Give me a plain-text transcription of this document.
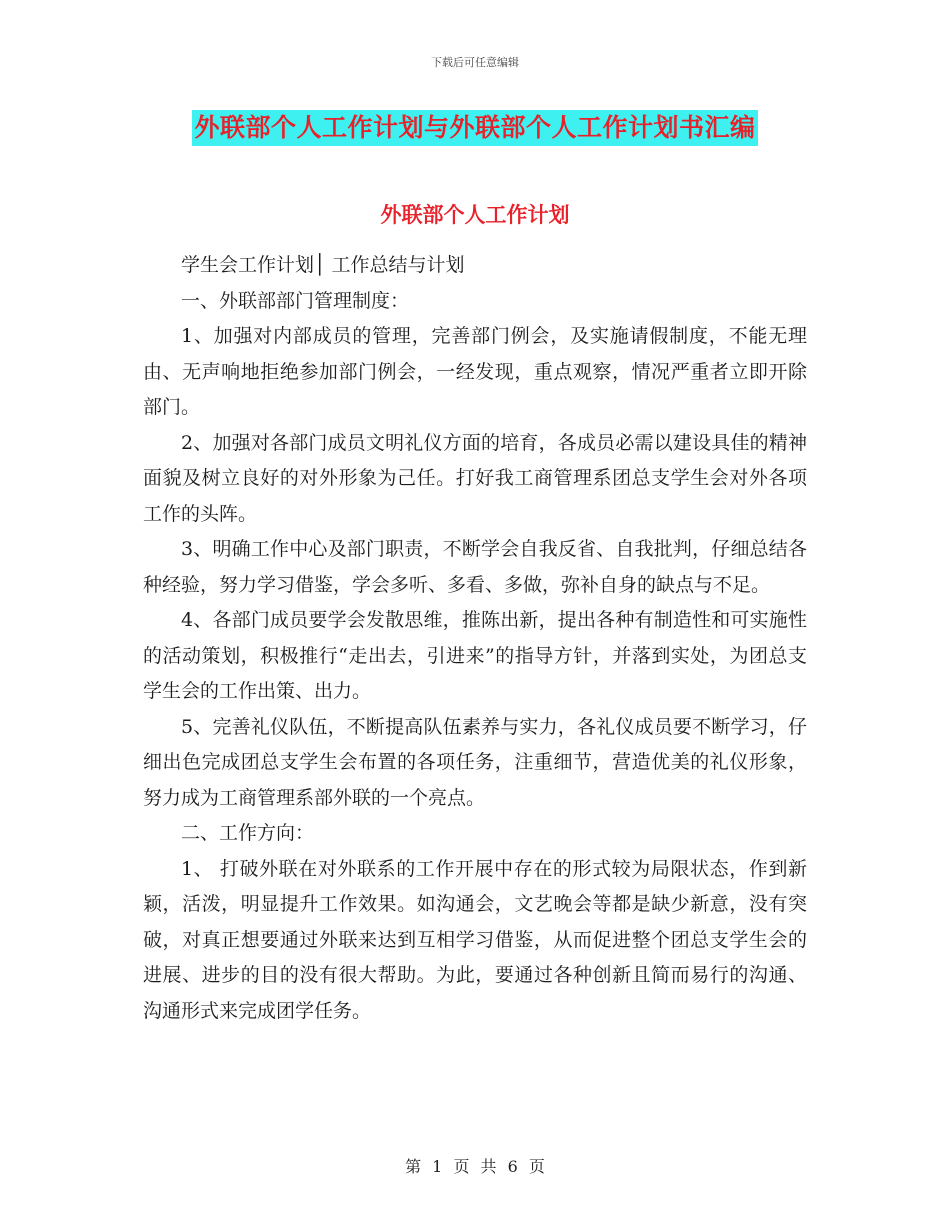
下载后可任意编辑
外联部个人工作计划与外联部个人工作计划书汇编
外联部个人工作计划

学生会工作计划│ 工作总结与计划

一、外联部部门管理制度：

1、加强对内部成员的管理，完善部门例会，及实施请假制度，不能无理由、无声响地拒绝参加部门例会，一经发现，重点观察，情况严重者立即开除部门。

2、加强对各部门成员文明礼仪方面的培育，各成员必需以建设具佳的精神面貌及树立良好的对外形象为己任。打好我工商管理系团总支学生会对外各项工作的头阵。

3、明确工作中心及部门职责，不断学会自我反省、自我批判，仔细总结各种经验，努力学习借鉴，学会多听、多看、多做，弥补自身的缺点与不足。

4、各部门成员要学会发散思维，推陈出新，提出各种有制造性和可实施性的活动策划，积极推行“走出去，引进来”的指导方针，并落到实处，为团总支学生会的工作出策、出力。

5、完善礼仪队伍，不断提高队伍素养与实力，各礼仪成员要不断学习，仔细出色完成团总支学生会布置的各项任务，注重细节，营造优美的礼仪形象，努力成为工商管理系部外联的一个亮点。

二、工作方向：

1、 打破外联在对外联系的工作开展中存在的形式较为局限状态，作到新颖，活泼，明显提升工作效果。如沟通会，文艺晚会等都是缺少新意，没有突破，对真正想要通过外联来达到互相学习借鉴，从而促进整个团总支学生会的进展、进步的目的没有很大帮助。为此，要通过各种创新且简而易行的沟通、沟通形式来完成团学任务。

第 1 页 共 6 页
